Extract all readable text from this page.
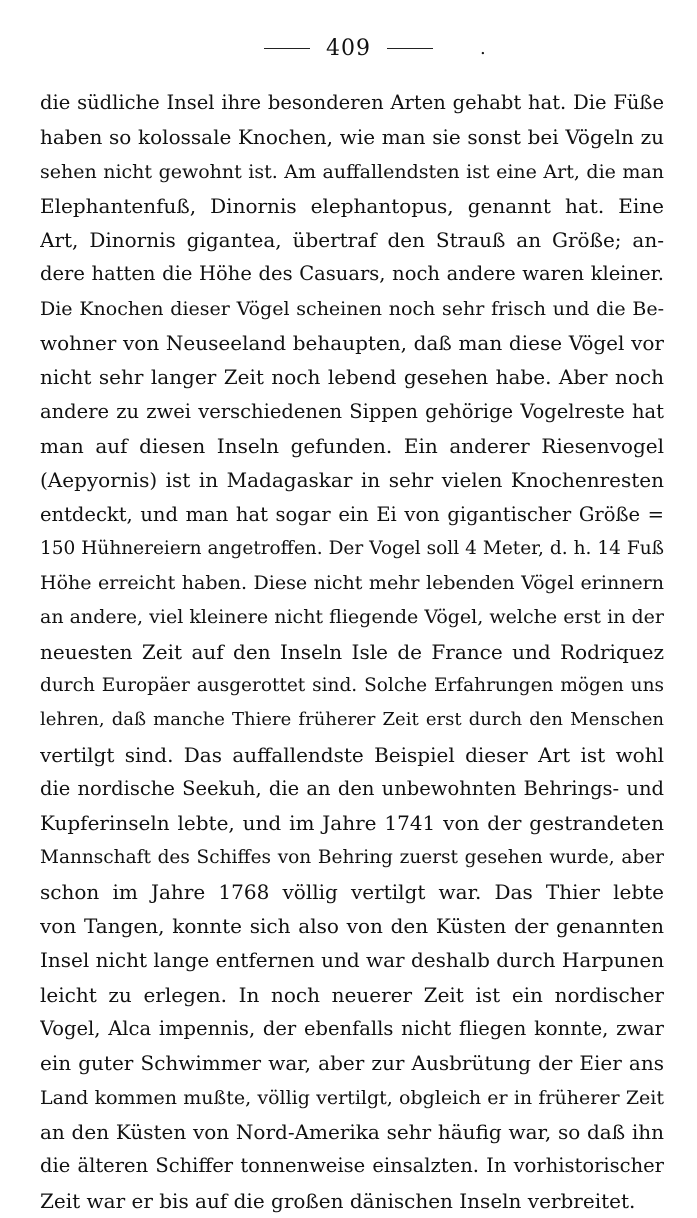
409	.
die südliche Insel ihre besonderen Arten gehabt hat. Die Füße
haben so kolossale Knochen, wie man sie sonst bei Vögeln zu
sehen nicht gewohnt ist. Am auffallendsten ist eine Art, die man
Elephantenfuß, Dinornis elephantopus, genannt hat. Eine
Art, Dinornis gigantea, übertraf den Strauß an Größe; an-
dere hatten die Höhe des Casuars, noch andere waren kleiner.
Die Knochen dieser Vögel scheinen noch sehr frisch und die Be-
wohner von Neuseeland behaupten, daß man diese Vögel vor
nicht sehr langer Zeit noch lebend gesehen habe. Aber noch
andere zu zwei verschiedenen Sippen gehörige Vogelreste hat
man auf diesen Inseln gefunden. Ein anderer Riesenvogel
(Aepyornis) ist in Madagaskar in sehr vielen Knochenresten
entdeckt, und man hat sogar ein Ei von gigantischer Größe =
150 Hühnereiern angetroffen. Der Vogel soll 4 Meter, d. h. 14 Fuß
Höhe erreicht haben. Diese nicht mehr lebenden Vögel erinnern
an andere, viel kleinere nicht fliegende Vögel, welche erst in der
neuesten Zeit auf den Inseln Isle de France und Rodriquez
durch Europäer ausgerottet sind. Solche Erfahrungen mögen uns
lehren, daß manche Thiere früherer Zeit erst durch den Menschen
vertilgt sind. Das auffallendste Beispiel dieser Art ist wohl
die nordische Seekuh, die an den unbewohnten Behrings- und
Kupferinseln lebte, und im Jahre 1741 von der gestrandeten
Mannschaft des Schiffes von Behring zuerst gesehen wurde, aber
schon im Jahre 1768 völlig vertilgt war. Das Thier lebte
von Tangen, konnte sich also von den Küsten der genannten
Insel nicht lange entfernen und war deshalb durch Harpunen
leicht zu erlegen. In noch neuerer Zeit ist ein nordischer
Vogel, Alca impennis, der ebenfalls nicht fliegen konnte, zwar
ein guter Schwimmer war, aber zur Ausbrütung der Eier ans
Land kommen mußte, völlig vertilgt, obgleich er in früherer Zeit
an den Küsten von Nord-Amerika sehr häufig war, so daß ihn
die älteren Schiffer tonnenweise einsalzten. In vorhistorischer
Zeit war er bis auf die großen dänischen Inseln verbreitet.
